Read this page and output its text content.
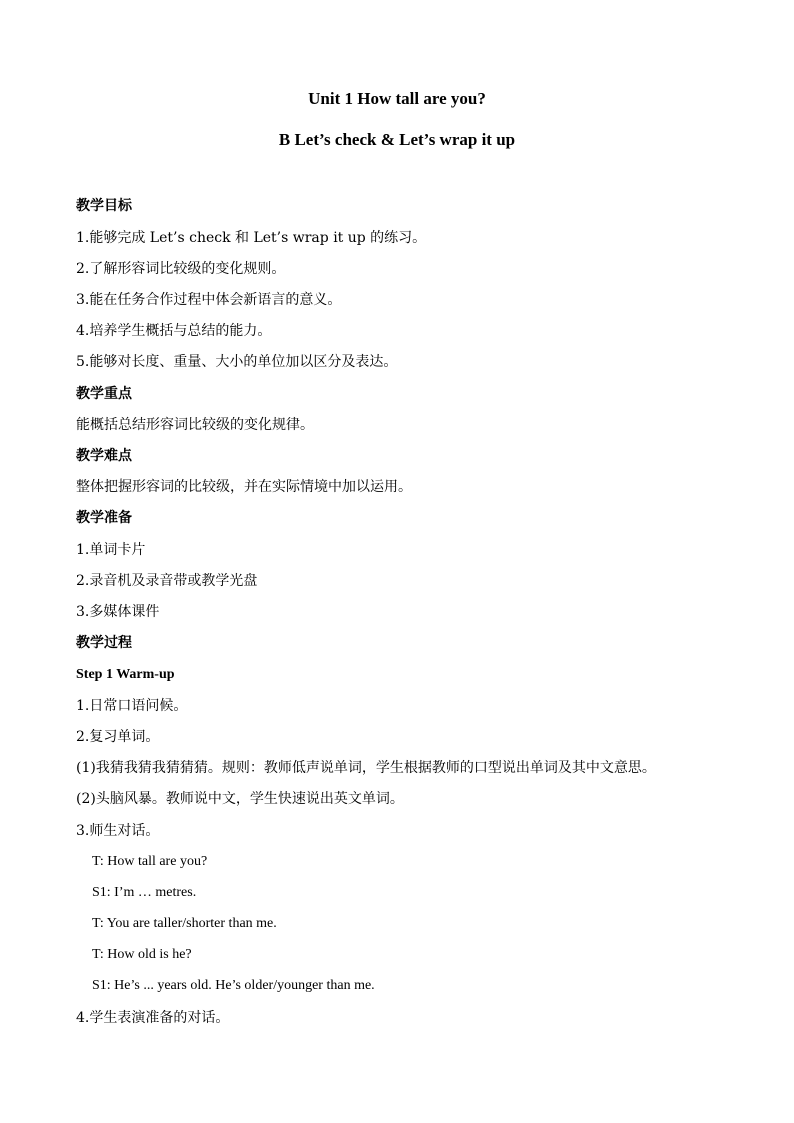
Unit 1 How tall are you?
B Let’s check & Let’s wrap it up
教学目标
1.能够完成 Let’s check 和 Let’s wrap it up 的练习。
2.了解形容词比较级的变化规则。
3.能在任务合作过程中体会新语言的意义。
4.培养学生概括与总结的能力。
5.能够对长度、重量、大小的单位加以区分及表达。
教学重点
能概括总结形容词比较级的变化规律。
教学难点
整体把握形容词的比较级，并在实际情境中加以运用。
教学准备
1.单词卡片
2.录音机及录音带或教学光盘
3.多媒体课件
教学过程
Step 1 Warm-up
1.日常口语问候。
2.复习单词。
(1)我猜我猜我猜猜猜。规则：教师低声说单词，学生根据教师的口型说出单词及其中文意思。
(2)头脑风暴。教师说中文，学生快速说出英文单词。
3.师生对话。
T: How tall are you?
S1: I’m … metres.
T: You are taller/shorter than me.
T: How old is he?
S1: He’s ... years old. He’s older/younger than me.
4.学生表演准备的对话。
